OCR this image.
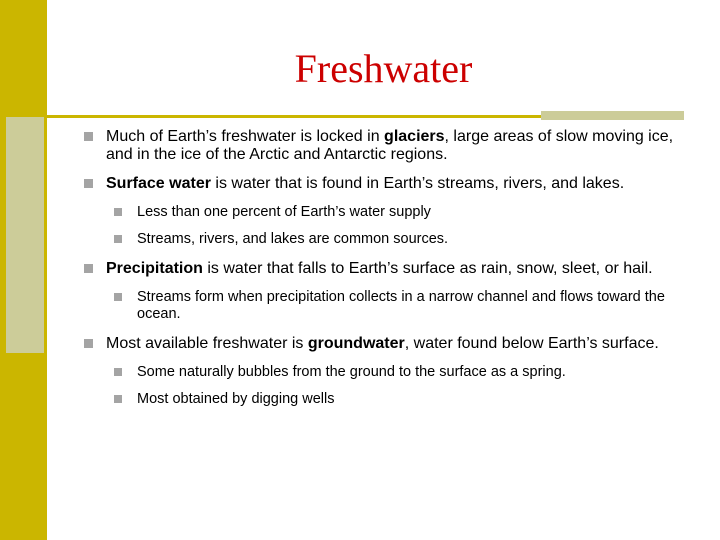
Freshwater
Much of Earth’s freshwater is locked in glaciers, large areas of slow moving ice, and in the ice of the Arctic and Antarctic regions.
Surface water is water that is found in Earth’s streams, rivers, and lakes.
Less than one percent of Earth’s water supply
Streams, rivers, and lakes are common sources.
Precipitation is water that falls to Earth’s surface as rain, snow, sleet, or hail.
Streams form when precipitation collects in a narrow channel and flows toward the ocean.
Most available freshwater is groundwater, water found below Earth’s surface.
Some naturally bubbles from the ground to the surface as a spring.
Most obtained by digging wells
